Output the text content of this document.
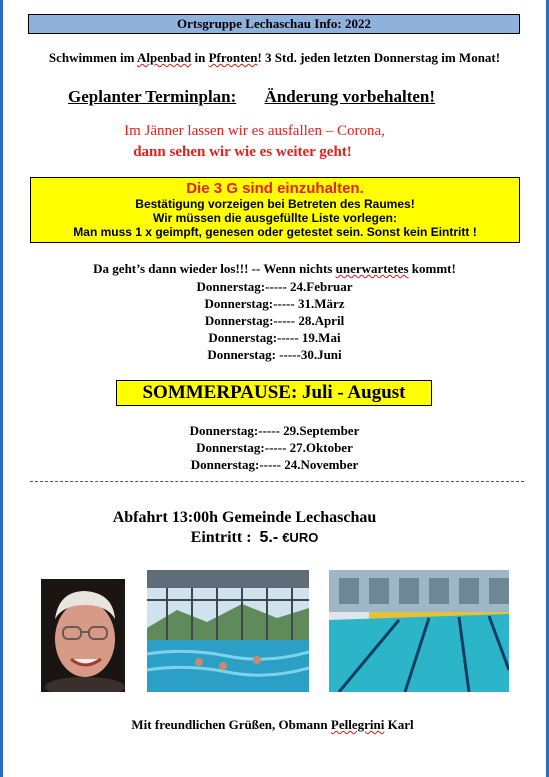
Ortsgruppe Lechaschau Info: 2022
Schwimmen im Alpenbad in Pfronten! 3 Std. jeden letzten Donnerstag im Monat!
Geplanter Terminplan: Änderung vorbehalten!
Im Jänner lassen wir es ausfallen – Corona,
dann sehen wir wie es weiter geht!
Die 3 G sind einzuhalten.
Bestätigung vorzeigen bei Betreten des Raumes!
Wir müssen die ausgefüllte Liste vorlegen:
Man muss 1 x geimpft, genesen oder getestet sein. Sonst kein Eintritt !
Da geht’s dann wieder los!!! -- Wenn nichts unerwartetes kommt!
Donnerstag:----- 24.Februar
Donnerstag:----- 31.März
Donnerstag:----- 28.April
Donnerstag:----- 19.Mai
Donnerstag: -----30.Juni
SOMMERPAUSE: Juli - August
Donnerstag:----- 29.September
Donnerstag:----- 27.Oktober
Donnerstag:----- 24.November
Abfahrt 13:00h Gemeinde Lechaschau
Eintritt : 5.- €URO
Mit freundlichen Grüßen, Obmann Pellegrini Karl
